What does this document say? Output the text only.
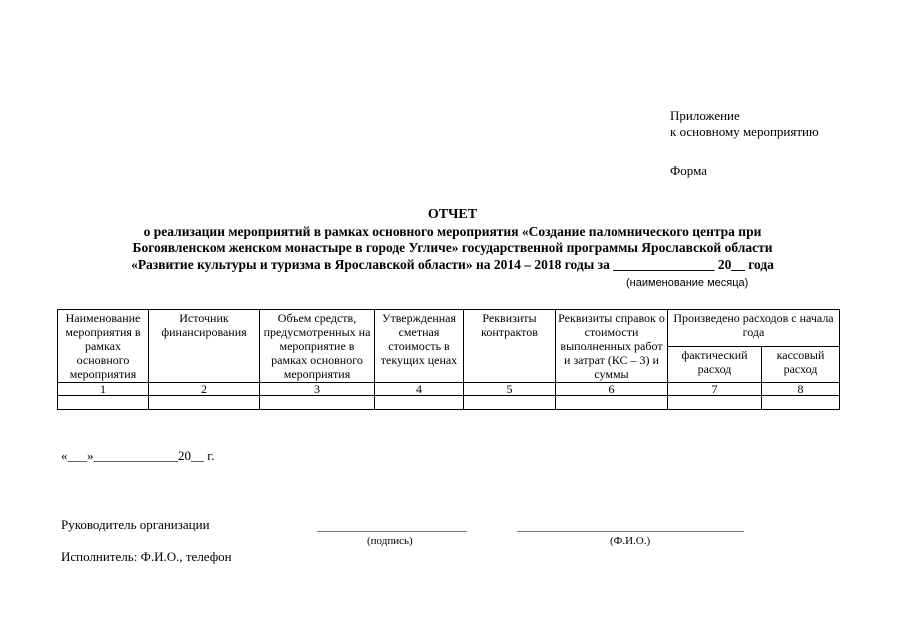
Приложение
к основному мероприятию
Форма
ОТЧЕТ
о реализации мероприятий в рамках основного мероприятия «Создание паломнического центра при
Богоявленском женском монастыре в городе Угличе» государственной программы Ярославской области
«Развитие культуры и туризма в Ярославской области» на 2014 – 2018 годы за _______________ 20__ года
(наименование месяца)
Наименование мероприятия в рамках основного мероприятия	Источник финансирования	Объем средств, предусмотренных на мероприятие в рамках основного мероприятия	Утвержденная сметная стоимость в текущих ценах	Реквизиты контрактов	Реквизиты справок о стоимости выполненных работ и затрат (КС – 3) и суммы	Произведено расходов с начала года	
						фактический расход	кассовый расход
1	2	3	4	5	6	7	8

«___»_____________20__ г.
Руководитель организации
(подпись)	(Ф.И.О.)
Исполнитель: Ф.И.О., телефон
